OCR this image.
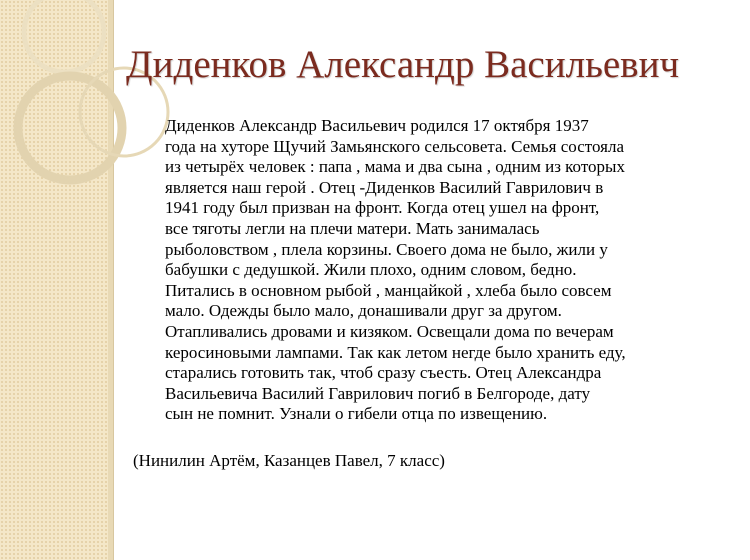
Диденков Александр Васильевич
Диденков Александр Васильевич родился 17 октября 1937
года на хуторе Щучий Замьянского сельсовета. Семья состояла
из четырёх человек : папа , мама и два сына , одним из которых
является наш герой . Отец -Диденков Василий Гаврилович в
1941 году был призван на фронт. Когда отец ушел на фронт,
все тяготы легли на плечи матери. Мать занималась
рыболовством , плела корзины. Своего дома не было, жили у
бабушки с дедушкой. Жили плохо, одним словом, бедно.
Питались в основном рыбой , манцайкой , хлеба было совсем
мало. Одежды было мало, донашивали друг за другом.
Отапливались дровами и кизяком. Освещали дома по вечерам
керосиновыми лампами. Так как летом негде было хранить еду,
старались готовить так, чтоб сразу съесть. Отец Александра
Васильевича Василий Гаврилович погиб в Белгороде, дату
сын не помнит. Узнали о гибели отца по извещению.
(Нинилин Артём, Казанцев Павел, 7 класс)
